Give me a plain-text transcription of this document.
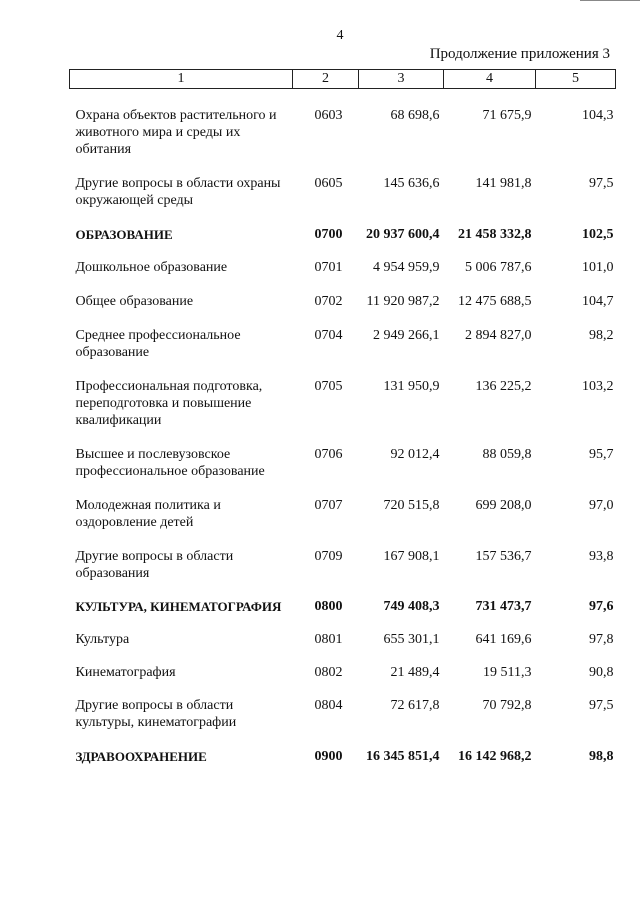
4
Продолжение приложения 3
1	2	3	4	5

Охрана объектов растительного и животного мира и среды их обитания	0603	68 698,6	71 675,9	104,3

Другие вопросы в области охраны окружающей среды	0605	145 636,6	141 981,8	97,5

ОБРАЗОВАНИЕ	0700	20 937 600,4	21 458 332,8	102,5

Дошкольное образование	0701	4 954 959,9	5 006 787,6	101,0

Общее образование	0702	11 920 987,2	12 475 688,5	104,7

Среднее профессиональное образование	0704	2 949 266,1	2 894 827,0	98,2

Профессиональная подготовка, переподготовка и повышение квалификации	0705	131 950,9	136 225,2	103,2

Высшее и послевузовское профессиональное образование	0706	92 012,4	88 059,8	95,7

Молодежная политика и оздоровление детей	0707	720 515,8	699 208,0	97,0

Другие вопросы в области образования	0709	167 908,1	157 536,7	93,8

КУЛЬТУРА, КИНЕМАТОГРАФИЯ	0800	749 408,3	731 473,7	97,6

Культура	0801	655 301,1	641 169,6	97,8

Кинематография	0802	21 489,4	19 511,3	90,8

Другие вопросы в области культуры, кинематографии	0804	72 617,8	70 792,8	97,5

ЗДРАВООХРАНЕНИЕ	0900	16 345 851,4	16 142 968,2	98,8
